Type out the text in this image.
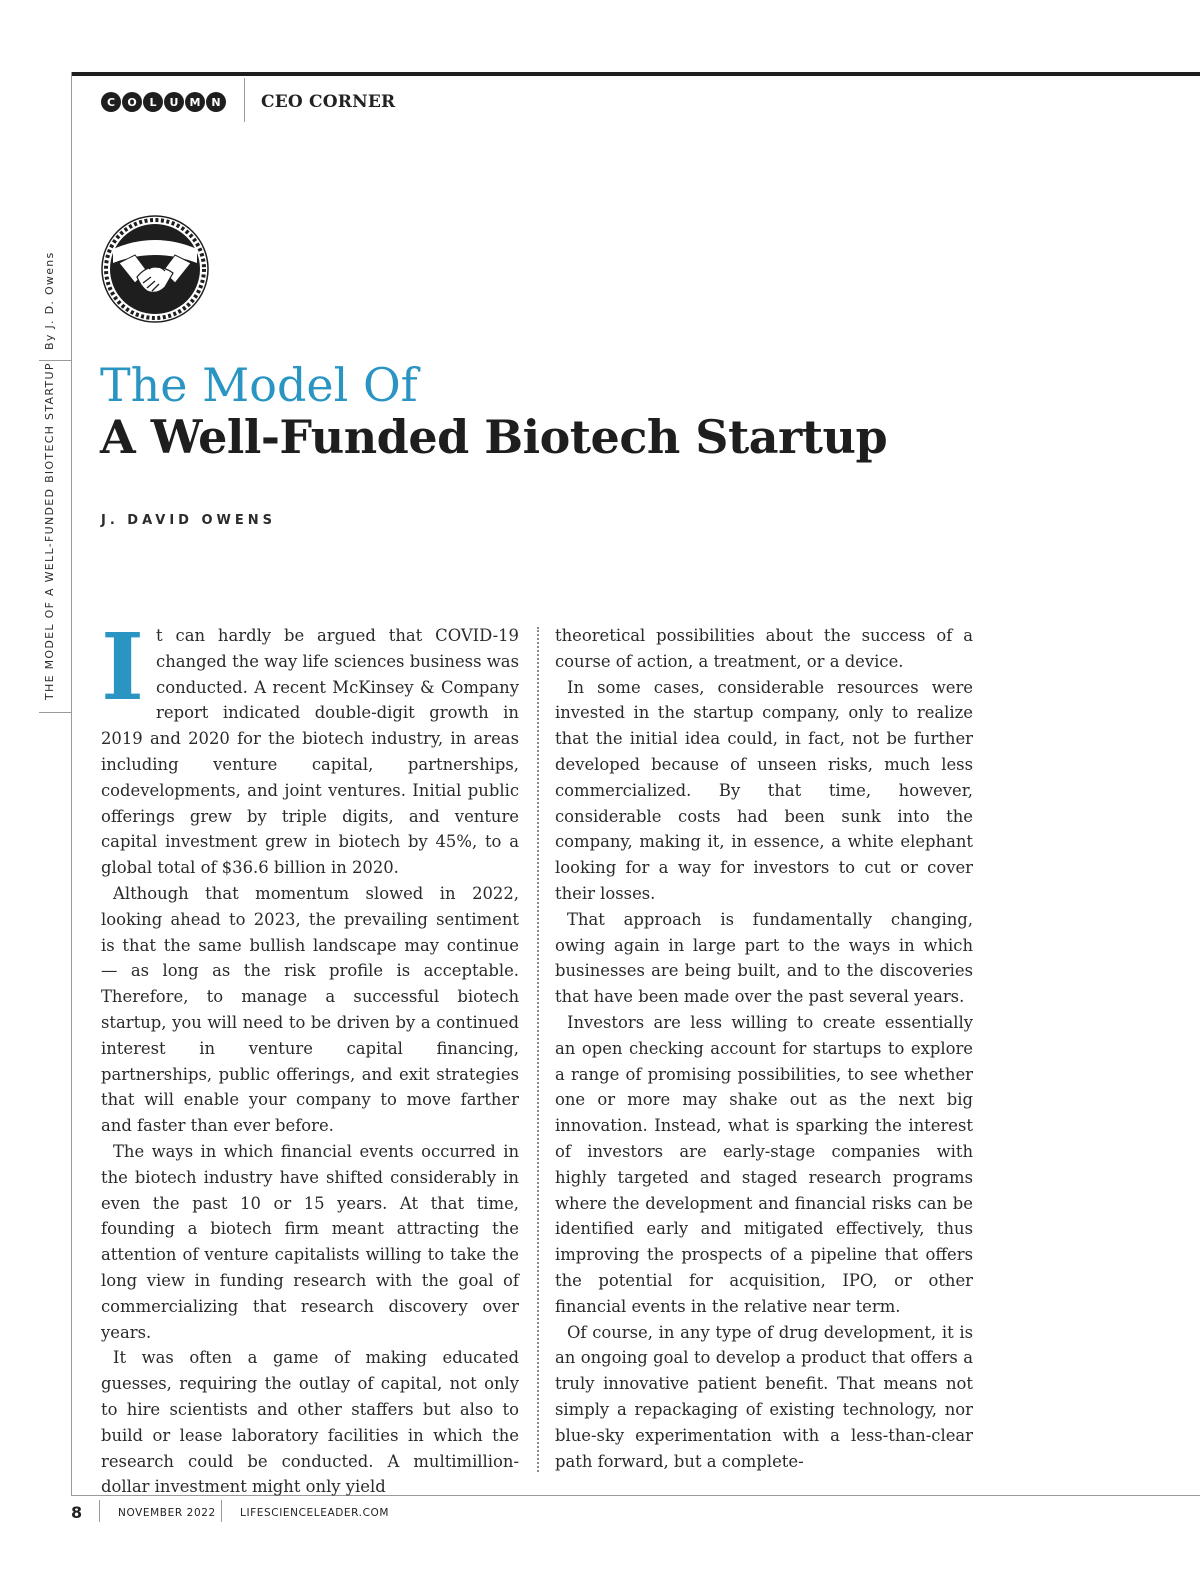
C	O	L	U	M N	CEO CORNER
By J. D. Owens
THE MODEL OF A WELL-FUNDED BIOTECH STARTUP The Model Of
A Well-Funded Biotech Startup
J. DAVID OWENS

It can hardly be argued that COVID-19 changed the way life sciences business was conducted. A recent McKinsey & Company report indicated double-digit growth in 2019 and 2020 for the biotech industry, in areas including venture capital, partnerships, codevelopments, and joint ventures. Initial public offerings grew by triple digits, and venture capital investment grew in biotech by 45%, to a global total of $36.6 billion in 2020.

Although that momentum slowed in 2022, looking ahead to 2023, the prevailing sentiment is that the same bullish landscape may continue — as long as the risk profile is acceptable. Therefore, to manage a successful biotech startup, you will need to be driven by a continued interest in venture capital financing, partnerships, public offerings, and exit strategies that will enable your company to move farther and faster than ever before.

The ways in which financial events occurred in the biotech industry have shifted considerably in even the past 10 or 15 years. At that time, founding a biotech firm meant attracting the attention of venture capitalists willing to take the long view in funding research with the goal of commercializing that research discovery over years.

It was often a game of making educated guesses, requiring the outlay of capital, not only to hire scientists and other staffers but also to build or lease laboratory facilities in which the research could be conducted. A multimillion-dollar investment might only yield

theoretical possibilities about the success of a course of action, a treatment, or a device.

In some cases, considerable resources were invested in the startup company, only to realize that the initial idea could, in fact, not be further developed because of unseen risks, much less commercialized. By that time, however, considerable costs had been sunk into the company, making it, in essence, a white elephant looking for a way for investors to cut or cover their losses.

That approach is fundamentally changing, owing again in large part to the ways in which businesses are being built, and to the discoveries that have been made over the past several years.

Investors are less willing to create essentially an open checking account for startups to explore a range of promising possibilities, to see whether one or more may shake out as the next big innovation. Instead, what is sparking the interest of investors are early-stage companies with highly targeted and staged research programs where the development and financial risks can be identified early and mitigated effectively, thus improving the prospects of a pipeline that offers the potential for acquisition, IPO, or other financial events in the relative near term.

Of course, in any type of drug development, it is an ongoing goal to develop a product that offers a truly innovative patient benefit. That means not simply a repackaging of existing technology, nor blue-sky experimentation with a less-than-clear path forward, but a complete-

8	NOVEMBER 2022 LIFESCIENCELEADER.COM
